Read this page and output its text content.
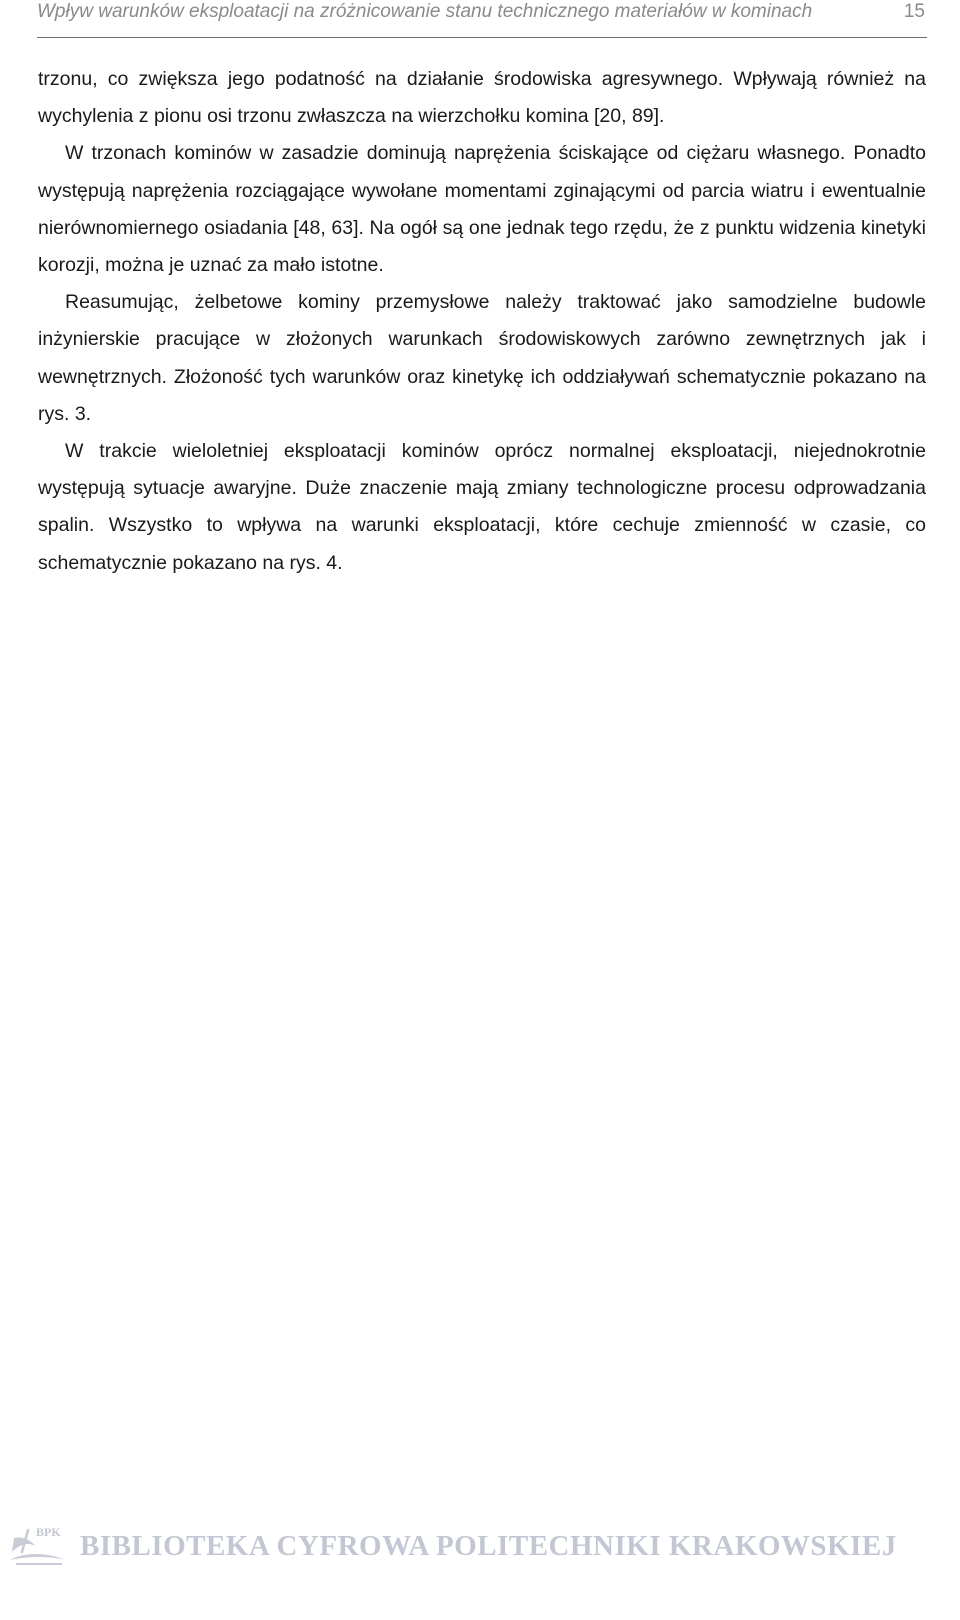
Wpływ warunków eksploatacji na zróżnicowanie stanu technicznego materiałów w kominach	15

trzonu, co zwiększa jego podatność na działanie środowiska agresywnego. Wpływają również na wychylenia z pionu osi trzonu zwłaszcza na wierzchołku komina [20, 89].

W trzonach kominów w zasadzie dominują naprężenia ściskające od ciężaru własnego. Ponadto występują naprężenia rozciągające wywołane momentami zginającymi od parcia wiatru i ewentualnie nierównomiernego osiadania [48, 63]. Na ogół są one jednak tego rzędu, że z punktu widzenia kinetyki korozji, można je uznać za mało istotne.

Reasumując, żelbetowe kominy przemysłowe należy traktować jako samodzielne budowle inżynierskie pracujące w złożonych warunkach środowiskowych zarówno zewnętrznych jak i wewnętrznych. Złożoność tych warunków oraz kinetykę ich oddziaływań schematycznie pokazano na rys. 3.

W trakcie wieloletniej eksploatacji kominów oprócz normalnej eksploatacji, niejednokrotnie występują sytuacje awaryjne. Duże znaczenie mają zmiany technologiczne procesu odprowadzania spalin. Wszystko to wpływa na warunki eksploatacji, które cechuje zmienność w czasie, co schematycznie pokazano na rys. 4.

BPK BIBLIOTEKA CYFROWA POLITECHNIKI KRAKOWSKIEJ
